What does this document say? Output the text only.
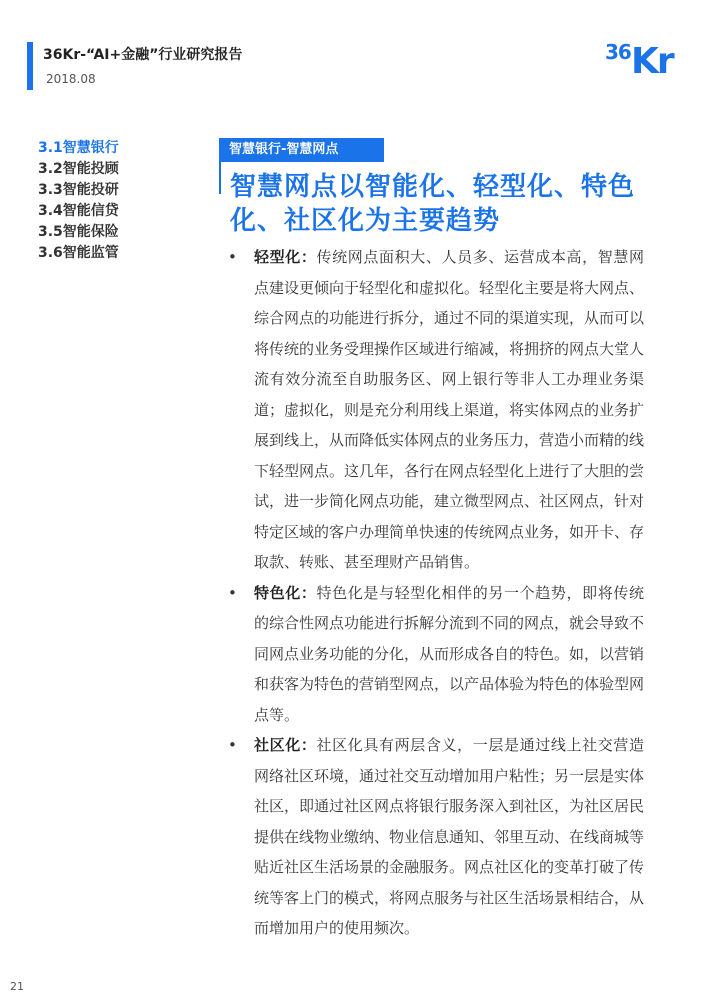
36Kr-“AI+金融”行业研究报告
2018.08
36 Kr
3.1智慧银行
3.2智能投顾
3.3智能投研
3.4智能信贷
3.5智能保险
3.6智能监管
智慧银行-智慧网点
智慧网点以智能化、轻型化、特色化、社区化为主要趋势
• 轻型化：传统网点面积大、人员多、运营成本高，智慧网点建设更倾向于轻型化和虚拟化。轻型化主要是将大网点、综合网点的功能进行拆分，通过不同的渠道实现，从而可以将传统的业务受理操作区域进行缩减，将拥挤的网点大堂人流有效分流至自助服务区、网上银行等非人工办理业务渠道；虚拟化，则是充分利用线上渠道，将实体网点的业务扩展到线上，从而降低实体网点的业务压力，营造小而精的线下轻型网点。这几年，各行在网点轻型化上进行了大胆的尝试，进一步简化网点功能，建立微型网点、社区网点，针对特定区域的客户办理简单快速的传统网点业务，如开卡、存取款、转账、甚至理财产品销售。
• 特色化：特色化是与轻型化相伴的另一个趋势，即将传统的综合性网点功能进行拆解分流到不同的网点，就会导致不同网点业务功能的分化，从而形成各自的特色。如，以营销和获客为特色的营销型网点，以产品体验为特色的体验型网点等。
• 社区化：社区化具有两层含义，一层是通过线上社交营造网络社区环境，通过社交互动增加用户粘性；另一层是实体社区，即通过社区网点将银行服务深入到社区，为社区居民提供在线物业缴纳、物业信息通知、邻里互动、在线商城等贴近社区生活场景的金融服务。网点社区化的变革打破了传统等客上门的模式，将网点服务与社区生活场景相结合，从而增加用户的使用频次。
21
